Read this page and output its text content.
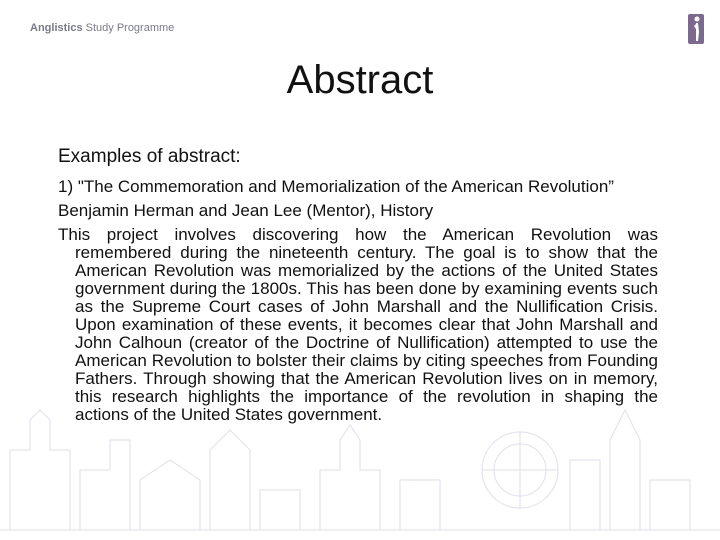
Anglistics Study Programme
Abstract

Examples of abstract:

1) "The Commemoration and Memorialization of the American Revolution”

Benjamin Herman and Jean Lee (Mentor), History

This project involves discovering how the American Revolution was remembered during the nineteenth century. The goal is to show that the American Revolution was memorialized by the actions of the United States government during the 1800s. This has been done by examining events such as the Supreme Court cases of John Marshall and the Nullification Crisis. Upon examination of these events, it becomes clear that John Marshall and John Calhoun (creator of the Doctrine of Nullification) attempted to use the American Revolution to bolster their claims by citing speeches from Founding Fathers. Through showing that the American Revolution lives on in memory, this research highlights the importance of the revolution in shaping the actions of the United States government.
